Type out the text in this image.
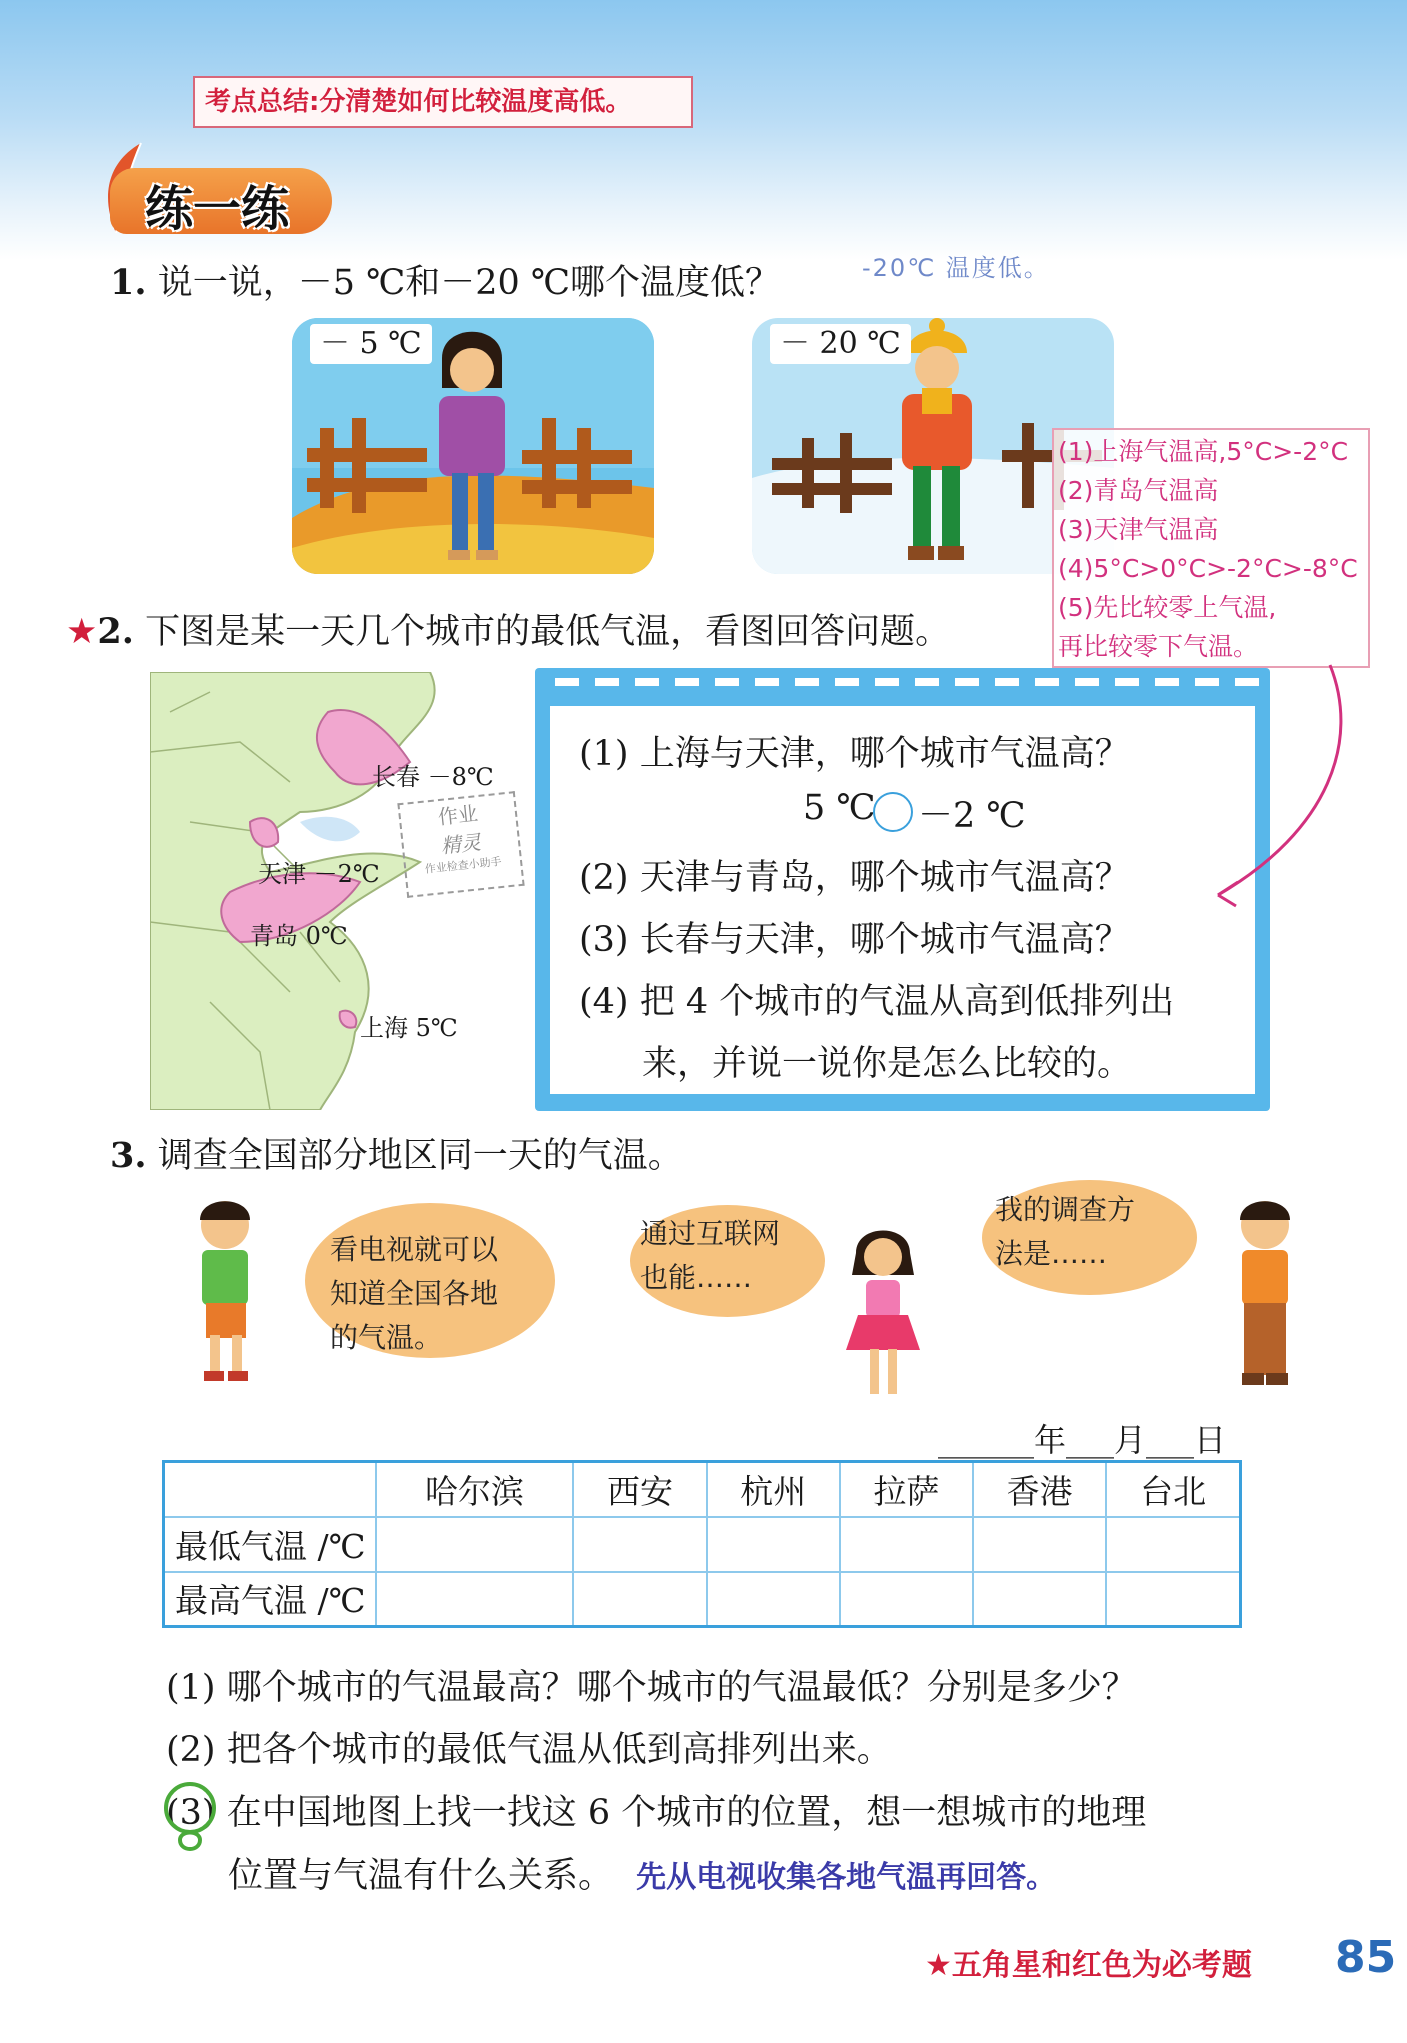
考点总结:分清楚如何比较温度高低。
练一练
1. 说一说，－5 ℃和－20 ℃哪个温度低？	-20℃ 温度低。
－ 5 ℃	－ 20 ℃
(1)上海气温高,5°C>-2°C
(2)青岛气温高
(3)天津气温高
(4)5°C>0°C>-2°C>-8°C
(5)先比较零上气温,
再比较零下气温。
★2. 下图是某一天几个城市的最低气温，看图回答问题。
长春 －8℃
天津 －2℃
青岛 0℃
上海 5℃
作业
精灵
作业检查小助手
(1) 上海与天津，哪个城市气温高？
5 ℃ －2 ℃
(2) 天津与青岛，哪个城市气温高？
(3) 长春与天津，哪个城市气温高？
(4) 把 4 个城市的气温从高到低排列出
来，并说一说你是怎么比较的。
3. 调查全国部分地区同一天的气温。
看电视就可以
知道全国各地
的气温。
通过互联网
也能……
我的调查方
法是……
______年___月___日
	哈尔滨	西安	杭州	拉萨	香港	台北
最低气温 /℃						
最高气温 /℃						
(1) 哪个城市的气温最高？哪个城市的气温最低？分别是多少？
(2) 把各个城市的最低气温从低到高排列出来。
(3) 在中国地图上找一找这 6 个城市的位置，想一想城市的地理
位置与气温有什么关系。 先从电视收集各地气温再回答。
★五角星和红色为必考题 85
